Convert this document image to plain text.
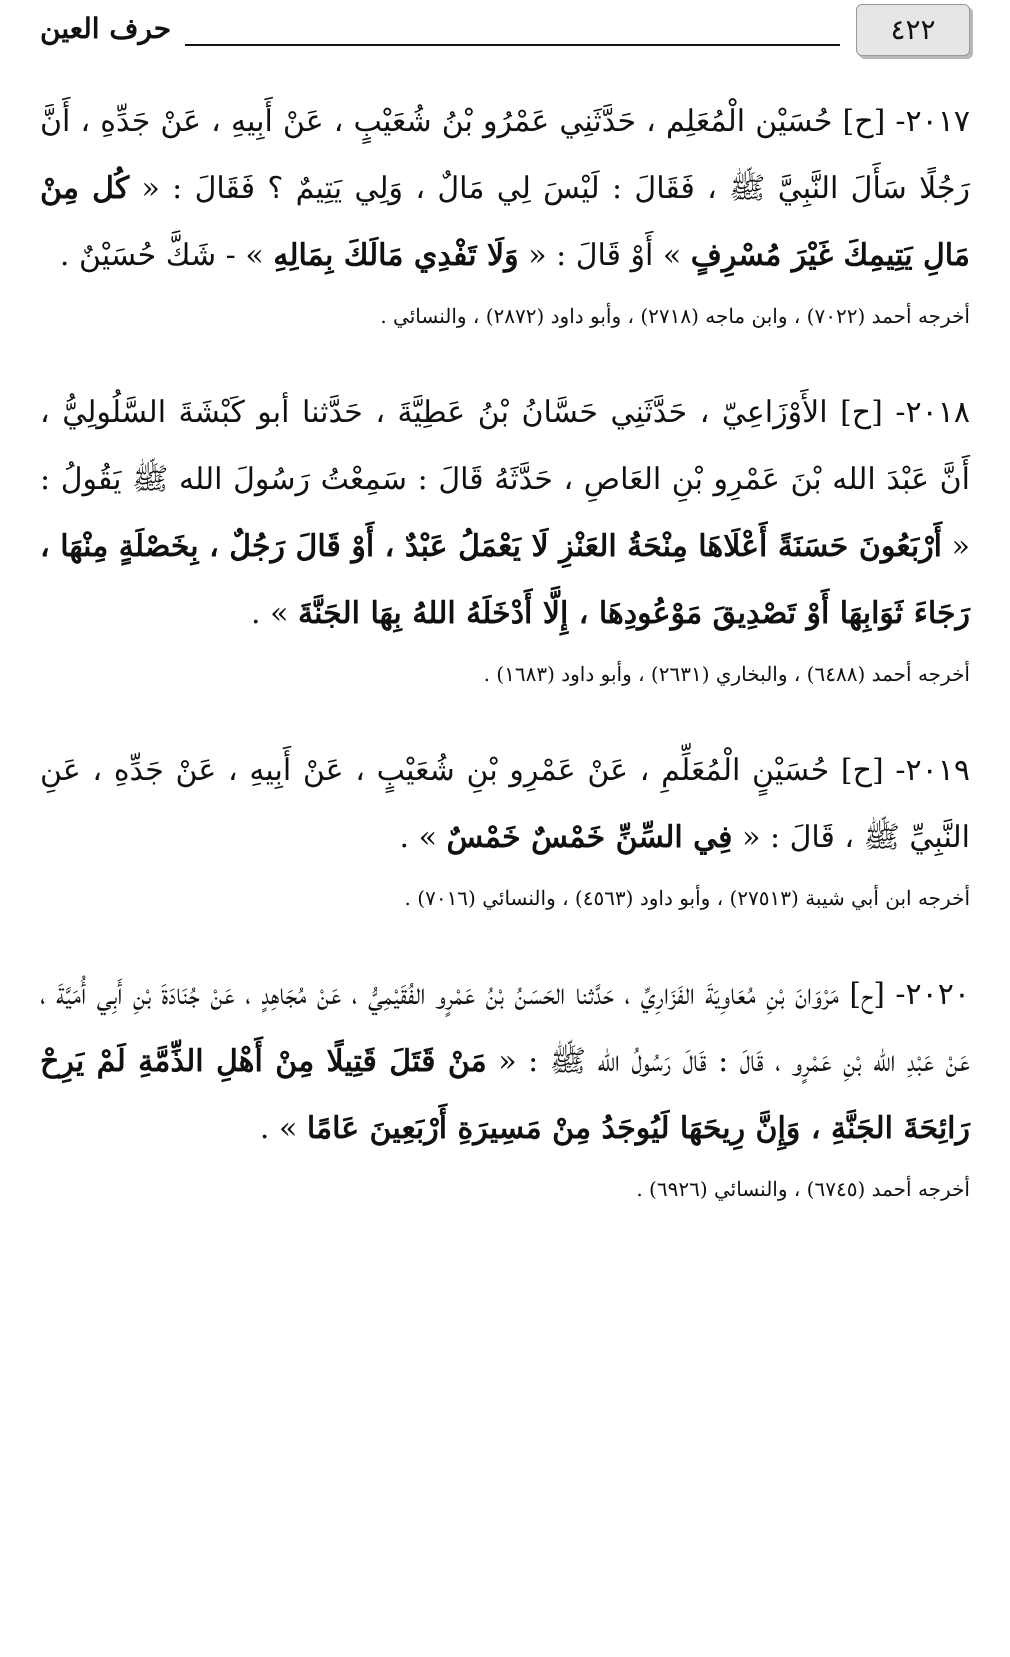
٤٢٢
حرف العين

٢٠١٧- [ح] حُسَيْن الْمُعَلِم ، حَدَّثَنِي عَمْرُو بْنُ شُعَيْبٍ ، عَنْ أَبِيهِ ، عَنْ جَدِّهِ ، أَنَّ رَجُلًا سَأَلَ النَّبِيَّ ﷺ ، فَقَالَ : لَيْسَ لِي مَالٌ ، وَلِي يَتِيمٌ ؟ فَقَالَ : « كُل مِنْ مَالِ يَتِيمِكَ غَيْرَ مُسْرِفٍ » أَوْ قَالَ : « وَلَا تَفْدِي مَالَكَ بِمَالِهِ » - شَكَّ حُسَيْنٌ .

أخرجه أحمد (٧٠٢٢) ، وابن ماجه (٢٧١٨) ، وأبو داود (٢٨٧٢) ، والنسائي .

٢٠١٨- [ح] الأَوْزَاعِيّ ، حَدَّثَنِي حَسَّانُ بْنُ عَطِيَّةَ ، حَدَّثنا أبو كَبْشَةَ السَّلُولِيُّ ، أَنَّ عَبْدَ الله بْنَ عَمْرِو بْنِ العَاصِ ، حَدَّثَهُ قَالَ : سَمِعْتُ رَسُولَ الله ﷺ يَقُولُ : « أَرْبَعُونَ حَسَنَةً أَعْلَاهَا مِنْحَةُ العَنْزِ لَا يَعْمَلُ عَبْدٌ ، أَوْ قَالَ رَجُلٌ ، بِخَصْلَةٍ مِنْهَا ، رَجَاءَ ثَوَابِهَا أَوْ تَصْدِيقَ مَوْعُودِهَا ، إِلَّا أَدْخَلَهُ اللهُ بِهَا الجَنَّةَ » .

أخرجه أحمد (٦٤٨٨) ، والبخاري (٢٦٣١) ، وأبو داود (١٦٨٣) .

٢٠١٩- [ح] حُسَيْنٍ الْمُعَلِّمِ ، عَنْ عَمْرِو بْنِ شُعَيْبٍ ، عَنْ أَبِيهِ ، عَنْ جَدِّهِ ، عَنِ النَّبِيِّ ﷺ ، قَالَ : « فِي السِّنِّ خَمْسٌ خَمْسٌ » .

أخرجه ابن أبي شيبة (٢٧٥١٣) ، وأبو داود (٤٥٦٣) ، والنسائي (٧٠١٦) .

٢٠٢٠- [ح] مَرْوَانَ بْنِ مُعَاوِيَةَ الفَزَارِيِّ ، حَدَّثنا الحَسَنُ بْنُ عَمْرٍو الفُقَيْمِيُّ ، عَنْ مُجَاهِدٍ ، عَنْ جُنَادَةَ بْنِ أَبِي أُمَيَّةَ ، عَنْ عَبْدِ الله بْنِ عَمْرٍو ، قَالَ : قَالَ رَسُولُ الله ﷺ : « مَنْ قَتَلَ قَتِيلًا مِنْ أَهْلِ الذِّمَّةِ لَمْ يَرِحْ رَائِحَةَ الجَنَّةِ ، وَإِنَّ رِيحَهَا لَيُوجَدُ مِنْ مَسِيرَةِ أَرْبَعِينَ عَامًا » .

أخرجه أحمد (٦٧٤٥) ، والنسائي (٦٩٢٦) .
